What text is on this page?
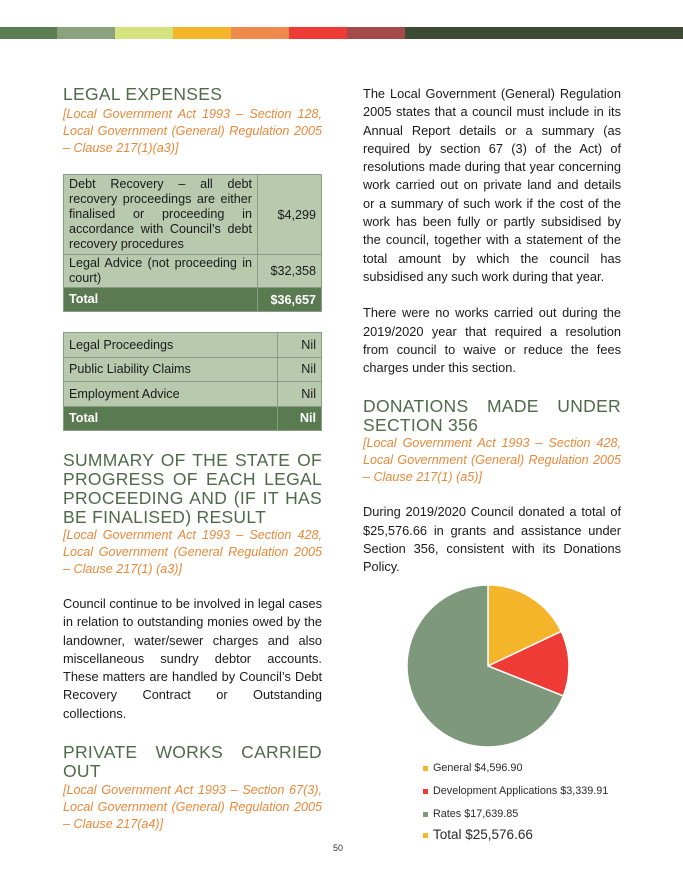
LEGAL EXPENSES
[Local Government Act 1993 – Section 128, Local Government (General) Regulation 2005 – Clause 217(1)(a3)]
Debt Recovery – all debt recovery proceedings are either finalised or proceeding in accordance with Council’s debt recovery procedures	$4,299
Legal Advice (not proceeding in court)	$32,358
Total	$36,657
Legal Proceedings	Nil
Public Liability Claims	Nil
Employment Advice	Nil
Total	Nil
SUMMARY OF THE STATE OF
PROGRESS OF EACH LEGAL
PROCEEDING AND (IF IT HAS
BE FINALISED) RESULT
[Local Government Act 1993 – Section 428, Local Government (General Regulation 2005 – Clause 217(1) (a3)]

Council continue to be involved in legal cases in relation to outstanding monies owed by the landowner, water/sewer charges and also miscellaneous sundry debtor accounts. These matters are handled by Council’s Debt Recovery Contract or Outstanding collections.

PRIVATE WORKS CARRIED
OUT
[Local Government Act 1993 – Section 67(3), Local Government (General) Regulation 2005 – Clause 217(a4)]

The Local Government (General) Regulation 2005 states that a council must include in its Annual Report details or a summary (as required by section 67 (3) of the Act) of resolutions made during that year concerning work carried out on private land and details or a summary of such work if the cost of the work has been fully or partly subsidised by the council, together with a statement of the total amount by which the council has subsidised any such work during that year.

There were no works carried out during the 2019/2020 year that required a resolution from council to waive or reduce the fees charges under this section.

DONATIONS MADE UNDER
SECTION 356
[Local Government Act 1993 – Section 428, Local Government (General) Regulation 2005 – Clause 217(1) (a5)]

During 2019/2020 Council donated a total of $25,576.66 in grants and assistance under Section 356, consistent with its Donations Policy.

General $4,596.90
Development Applications $3,339.91
Rates $17,639.85
Total $25,576.66
50
